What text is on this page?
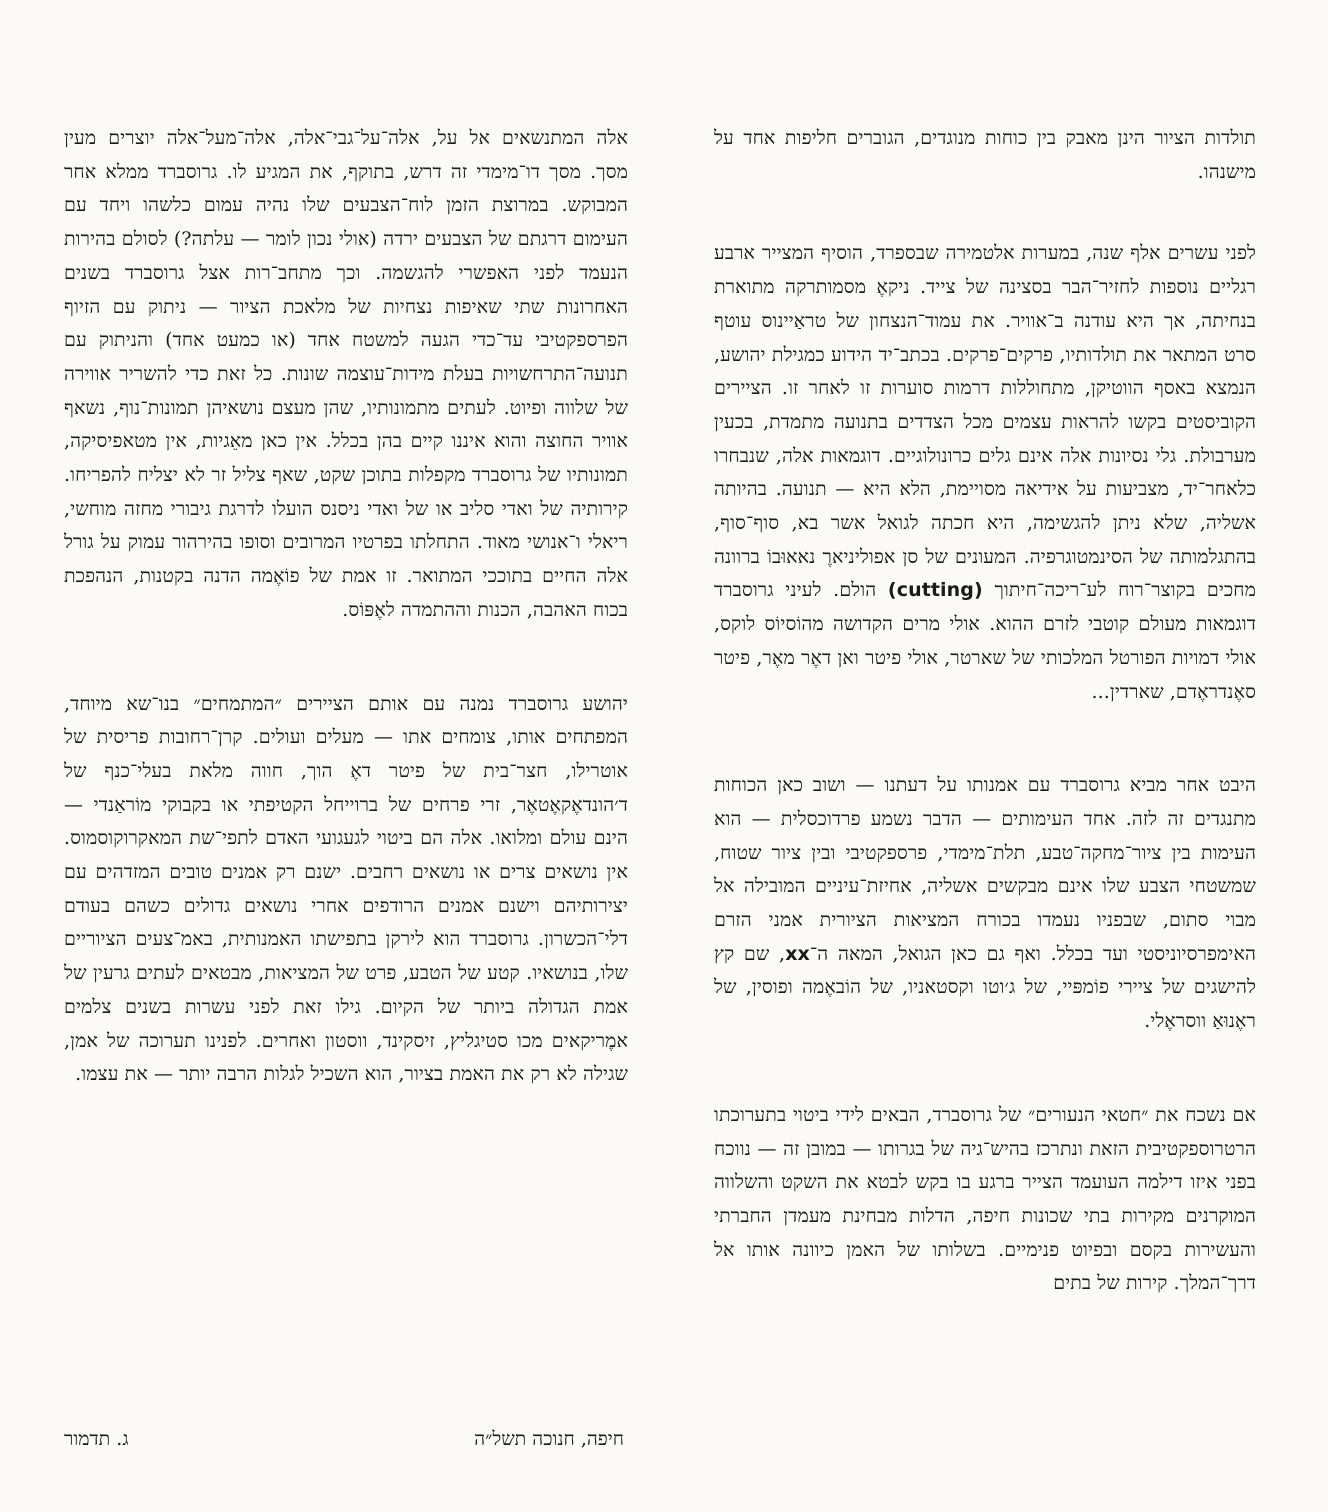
תולדות הציור הינן מאבק בין כוחות מנוגדים, הגוברים חליפות אחד על מישנהו.

לפני עשרים אלף שנה, במערות אלטמירה שבספרד, הוסיף המצייר ארבע רגליים נוספות לחזיר־הבר בסצינה של צייד. ניקאֶ מסמותרקה מתוארת בנחיתה, אך היא עודנה ב־אוויר. את עמוד־הנצחון של טראַיינוס עוטף סרט המתאר את תולדותיו, פרקים־פרקים. בכתב־יד הידוע כמגילת יהושע, הנמצא באסף הווטיקן, מתחוללות דרמות סוערות זו לאחר זו. הציירים הקוביסטים בקשו להראות עצמים מכל הצדדים בתנועה מתמדת, בכעין מערבולת. גלי נסיונות אלה אינם גלים כרונולוגיים. דוגמאות אלה, שנבחרו כלאחר־יד, מצביעות על אידיאה מסויימת, הלא היא — תנועה. בהיותה אשליה, שלא ניתן להגשימה, היא חכתה לגואל אשר בא, סוף־סוף, בהתגלמותה של הסינמטוגרפיה. המעונים של סן אפוליניארֶ נאאוּבוֹ ברוונה מחכים בקוצר־רוח לע־ריכה־חיתוך (cutting) הולם. לעיני גרוסברד דוגמאות מעולם קוטבי לזרם ההוא. אולי מרים הקדושה מהוֹסיוֹס לוקס, אולי דמויות הפורטל המלכותי של שארטר, אולי פיטר ואן דאֶר מאֶר, פיטר סאֶנדראֶדם, שארדין...

היבט אחר מביא גרוסברד עם אמנותו על דעתנו — ושוב כאן הכוחות מתנגדים זה לזה. אחד העימותים — הדבר נשמע פרדוכסלית — הוא העימות בין ציור־מחקה־טבע, תלת־מימדי, פרספקטיבי ובין ציור שטוח, שמשטחי הצבע שלו אינם מבקשים אשליה, אחיזת־עיניים המובילה אל מבוי סתום, שבפניו נעמדו בכורח המציאות הציורית אמני הזרם האימפרסיוניסטי ועד בכלל. ואף גם כאן הגואל, המאה ה־xx, שם קץ להישגים של ציירי פוֹמפּיי, של ג׳וטו וקסטאניו, של הוֹבאֶמה ופוסין, של ראֶנוּאַ ווסראֶלי.

אם נשכח את ״חטאי הנעורים״ של גרוסברד, הבאים לידי ביטוי בתערוכתו הרטרוספקטיבית הזאת ונתרכז בהיש־גיה של בגרותו — במובן זה — נווכח בפני איזו דילמה העועמד הצייר ברגע בו בקש לבטא את השקט והשלווה המוקרנים מקירות בתי שכונות חיפה, הדלות מבחינת מעמדן החברתי והעשירות בקסם ובפיוט פנימיים. בשלותו של האמן כיוונה אותו אל דרך־המלך. קירות של בתים

אלה המתנשאים אל על, אלה־על־גבי־אלה, אלה־מעל־אלה יוצרים מעין מסך. מסך דו־מימדי זה דרש, בתוקף, את המגיע לו. גרוסברד ממלא אחר המבוקש. במרוצת הזמן לוח־הצבעים שלו נהיה עמום כלשהו ויחד עם העימום דרגתם של הצבעים ירדה (אולי נכון לומר — עלתה?) לסולם בהירות הנעמד לפני האפשרי להגשמה. וכך מתחב־רות אצל גרוסברד בשנים האחרונות שתי שאיפות נצחיות של מלאכת הציור — ניתוק עם הזיוף הפרספקטיבי עד־כדי הגעה למשטח אחד (או כמעט אחד) והניתוק עם תנועה־התרחשויות בעלת מידות־עוצמה שונות. כל זאת כדי להשריר אווירה של שלווה ופיוט. לעתים מתמונותיו, שהן מעצם נושאיהן תמונות־נוף, נשאף אוויר החוצה והוא איננו קיים בהן בכלל. אין כאן מאֵגיות, אין מטאפיסיקה, תמונותיו של גרוסברד מקפלות בתוכן שקט, שאף צליל זר לא יצליח להפריחו. קירותיה של ואדי סליב או של ואדי ניסנס הועלו לדרגת גיבורי מחזה מוחשי, ריאלי ו־אנושי מאוד. התחלתו בפרטיו המרובים וסופו בהירהור עמוק על גורל אלה החיים בתוככי המתואר. זו אמת של פוֹאֶמה הדנה בקטנות, הנהפכת בכוח האהבה, הכנות וההתמדה לאֶפּוֹס.

יהושע גרוסברד נמנה עם אותם הציירים ״המתמחים״ בנו־שא מיוחד, המפתחים אותו, צומחים אתו — מעלים ועולים. קרן־רחובות פריסית של אוטרילו, חצר־בית של פיטר דאֶ הוך, חווה מלאת בעלי־כנף של ד׳הונדאֶקאֶטאֶר, זרי פרחים של ברוייחל הקטיפתי או בקבוקי מוֹראַנדי — הינם עולם ומלואו. אלה הם ביטוי לגעגועי האדם לתפי־שת המאקרוקוסמוס. אין נושאים צרים או נושאים רחבים. ישנם רק אמנים טובים המזדהים עם יצירותיהם וישנם אמנים הרודפים אחרי נושאים גדולים כשהם בעודם דלי־הכשרון. גרוסברד הוא לירקן בתפישתו האמנותית, באמ־צעים הציוריים שלו, בנושאיו. קטע של הטבע, פרט של המציאות, מבטאים לעתים גרעין של אמת הגדולה ביותר של הקיום. גילו זאת לפני עשרות בשנים צלמים אמֶריקאים מכו סטיגליץ, זיסקינד, ווסטון ואחרים. לפנינו תערוכה של אמן, שגילה לא רק את האמת בציור, הוא השכיל לגלות הרבה יותר — את עצמו.

חיפה, חנוכה תשל״ה
ג. תדמור
